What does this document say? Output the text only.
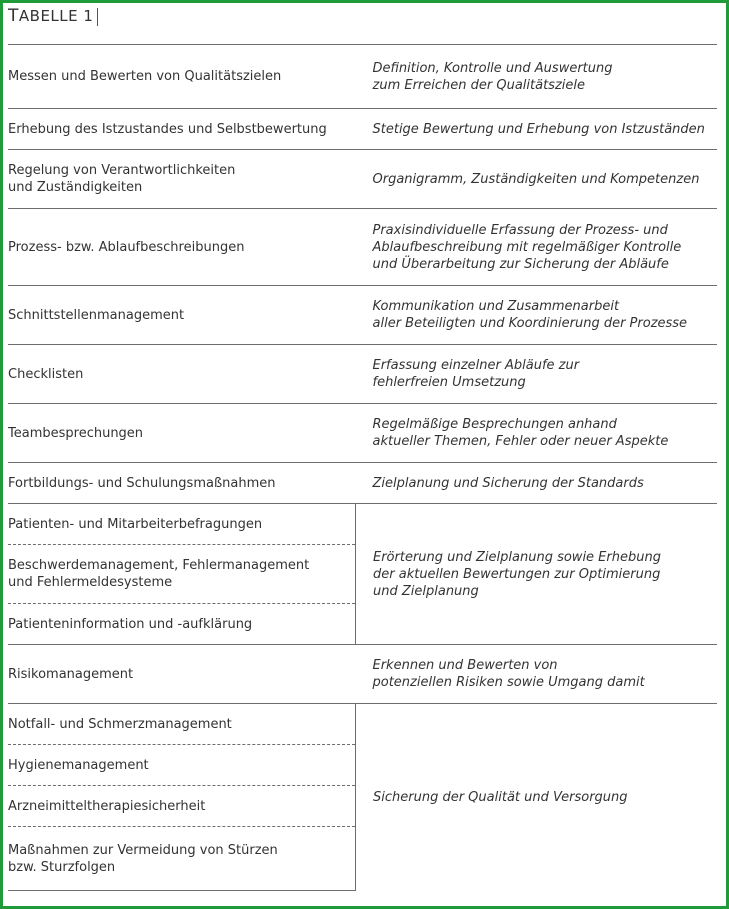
TABELLE 1
Messen und Bewerten von Qualitätszielen	Definition, Kontrolle und Auswertung
zum Erreichen der Qualitätsziele

Erhebung des Istzustandes und Selbstbewertung	Stetige Bewertung und Erhebung von Istzuständen

Regelung von Verantwortlichkeiten
und Zuständigkeiten	Organigramm, Zuständigkeiten und Kompetenzen

Prozess- bzw. Ablaufbeschreibungen	Praxisindividuelle Erfassung der Prozess- und
Ablaufbeschreibung mit regelmäßiger Kontrolle
und Überarbeitung zur Sicherung der Abläufe

Schnittstellenmanagement	Kommunikation und Zusammenarbeit
aller Beteiligten und Koordinierung der Prozesse

Checklisten	Erfassung einzelner Abläufe zur
fehlerfreien Umsetzung

Teambesprechungen	Regelmäßige Besprechungen anhand
aktueller Themen, Fehler oder neuer Aspekte

Fortbildungs- und Schulungsmaßnahmen	Zielplanung und Sicherung der Standards

Patienten- und Mitarbeiterbefragungen	Erörterung und Zielplanung sowie Erhebung
der aktuellen Bewertungen zur Optimierung
und Zielplanung

Beschwerdemanagement, Fehlermanagement
und Fehlermeldesysteme	

Patienteninformation und -aufklärung	

Risikomanagement	Erkennen und Bewerten von
potenziellen Risiken sowie Umgang damit

Notfall- und Schmerzmanagement	Sicherung der Qualität und Versorgung

Hygienemanagement	

Arzneimitteltherapiesicherheit	

Maßnahmen zur Vermeidung von Stürzen
bzw. Sturzfolgen	
